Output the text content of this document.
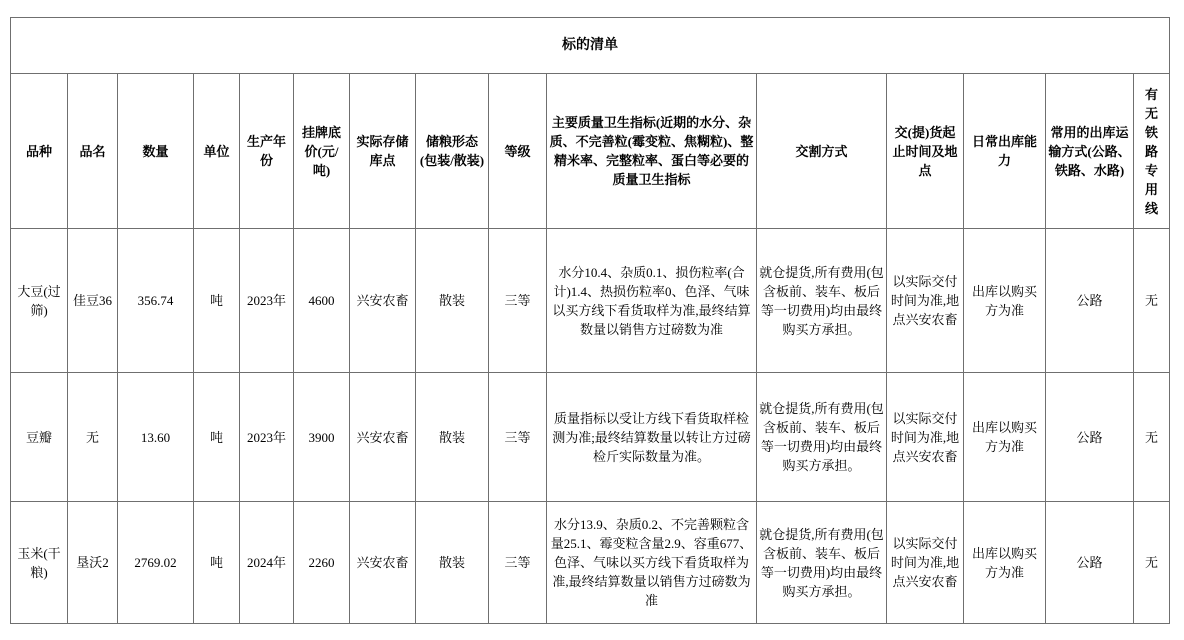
标的清单														
品种	品名	数量	单位	生产年份	挂牌底价(元/吨)	实际存储库点	储粮形态(包装/散装)	等级	主要质量卫生指标(近期的水分、杂质、不完善粒(霉变粒、焦糊粒)、整精米率、完整粒率、蛋白等必要的质量卫生指标	交割方式	交(提)货起止时间及地点	日常出库能力	常用的出库运输方式(公路、铁路、水路)	有无铁路专用线
大豆(过筛)	佳豆36	356.74	吨	2023年	4600	兴安农畜	散装	三等	水分10.4、杂质0.1、损伤粒率(合计)1.4、热损伤粒率0、色泽、气味以买方线下看货取样为准,最终结算数量以销售方过磅数为准	就仓提货,所有费用(包含板前、装车、板后等一切费用)均由最终购买方承担。	以实际交付时间为准,地点兴安农畜	出库以购买方为准	公路	无
豆瓣	无	13.60	吨	2023年	3900	兴安农畜	散装	三等	质量指标以受让方线下看货取样检测为准;最终结算数量以转让方过磅检斤实际数量为准。	就仓提货,所有费用(包含板前、装车、板后等一切费用)均由最终购买方承担。	以实际交付时间为准,地点兴安农畜	出库以购买方为准	公路	无
玉米(干粮)	垦沃2	2769.02	吨	2024年	2260	兴安农畜	散装	三等	水分13.9、杂质0.2、不完善颗粒含量25.1、霉变粒含量2.9、容重677、色泽、气味以买方线下看货取样为准,最终结算数量以销售方过磅数为准	就仓提货,所有费用(包含板前、装车、板后等一切费用)均由最终购买方承担。	以实际交付时间为准,地点兴安农畜	出库以购买方为准	公路	无
